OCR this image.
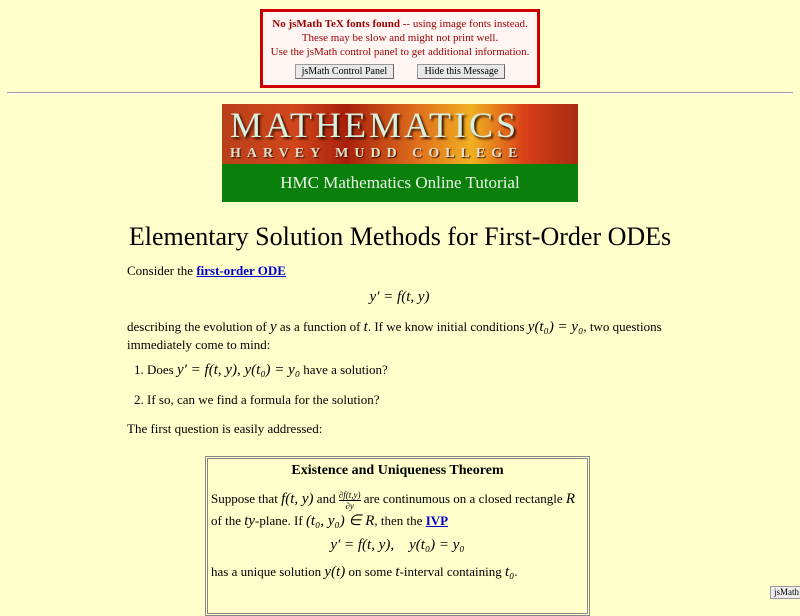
No jsMath TeX fonts found -- using image fonts instead.
These may be slow and might not print well.
Use the jsMath control panel to get additional information.
jsMath Control Panel	Hide this Message
MATHEMATICS
HARVEY MUDD COLLEGE
HMC Mathematics Online Tutorial
Elementary Solution Methods for First-Order ODEs

Consider the first-order ODE

y′ = f(t, y)

describing the evolution of y as a function of t. If we know initial conditions y(t₀) = y₀, two questions immediately come to mind:

1. Does y′ = f(t, y), y(t₀) = y₀ have a solution?
2. If so, can we find a formula for the solution?

The first question is easily addressed:

Existence and Uniqueness Theorem

Suppose that f(t, y) and $\frac{\partial f(t,y)}{\partial y}$ are continumous on a closed rectangle R of the ty-plane. If (t₀, y₀) ∈ R, then the IVP

y′ = f(t, y),    y(t₀) = y₀

has a unique solution y(t) on some t-interval containing t₀.

jsMath
